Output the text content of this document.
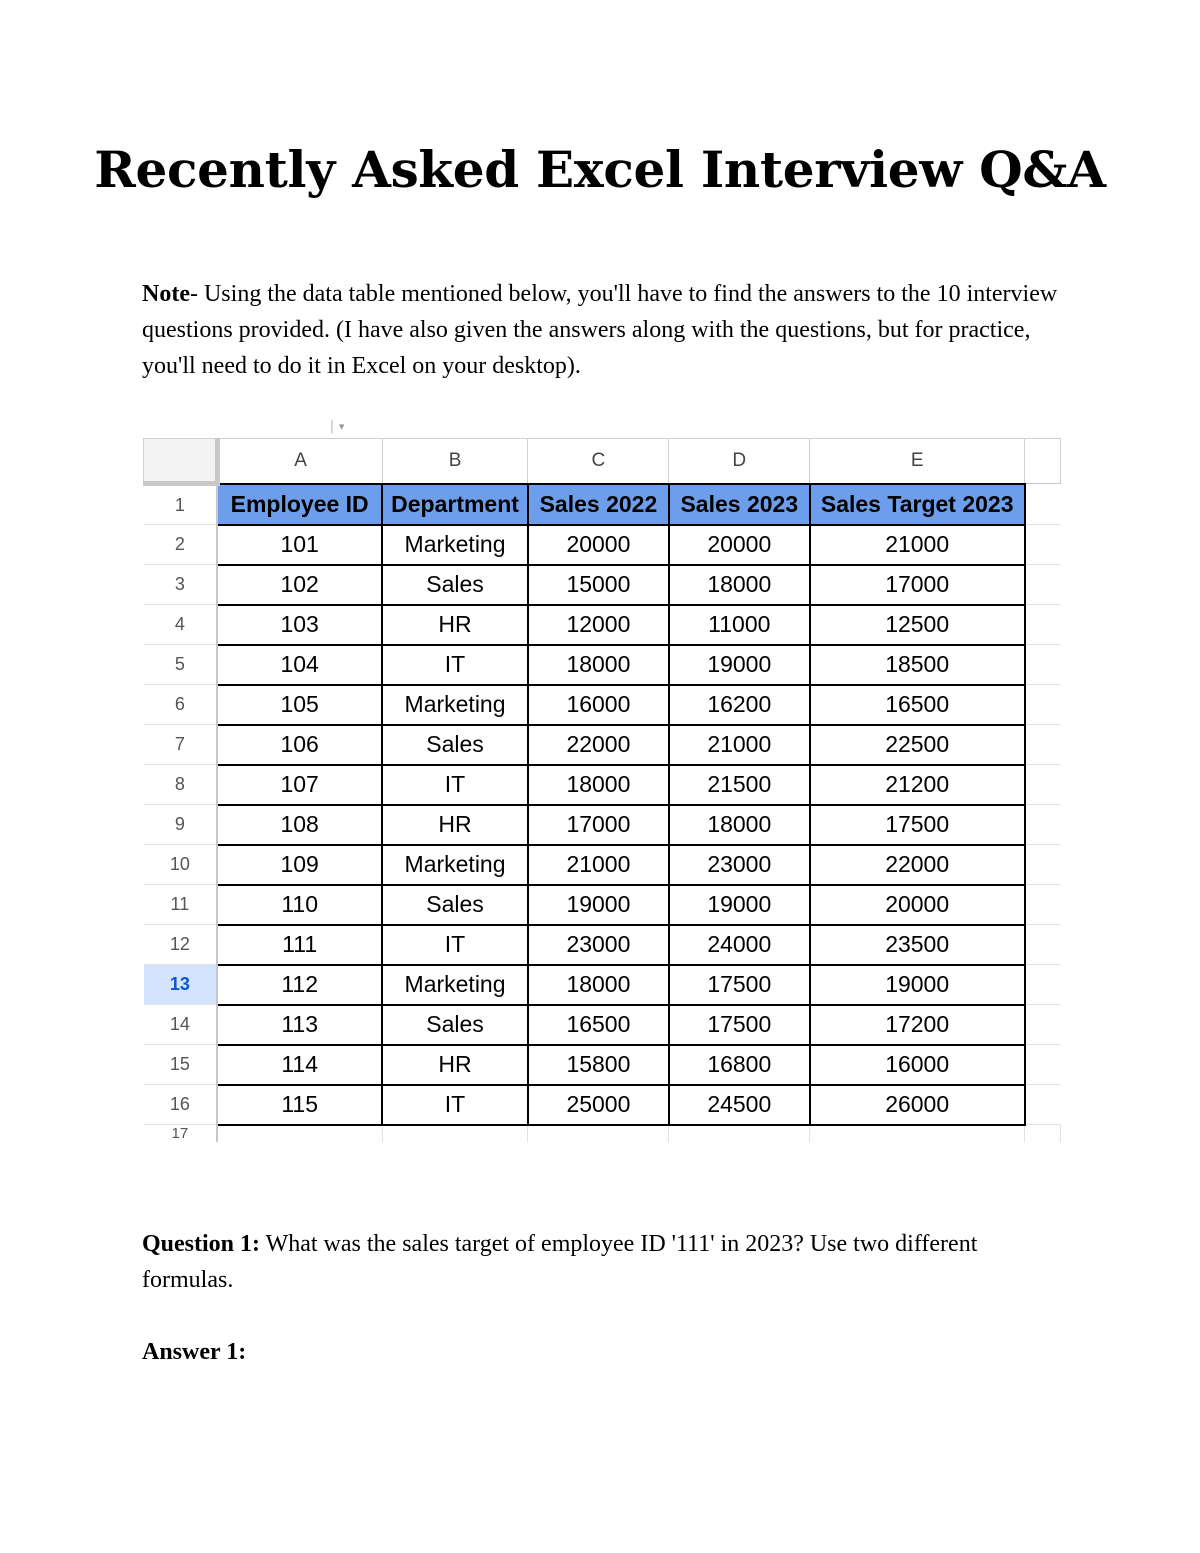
Recently Asked Excel Interview Q&A

Note- Using the data table mentioned below, you'll have to find the answers to the 10 interview questions provided. (I have also given the answers along with the questions, but for practice, you'll need to do it in Excel on your desktop).

│ ▾
	A	B	C	D	E	
1	Employee ID	Department	Sales 2022	Sales 2023	Sales Target 2023	
2	101	Marketing	20000	20000	21000	
3	102	Sales	15000	18000	17000	
4	103	HR	12000	11000	12500	
5	104	IT	18000	19000	18500	
6	105	Marketing	16000	16200	16500	
7	106	Sales	22000	21000	22500	
8	107	IT	18000	21500	21200	
9	108	HR	17000	18000	17500	
10	109	Marketing	21000	23000	22000	
11	110	Sales	19000	19000	20000	
12	111	IT	23000	24000	23500	
13	112	Marketing	18000	17500	19000	
14	113	Sales	16500	17500	17200	
15	114	HR	15800	16800	16000	
16	115	IT	25000	24500	26000	
17						

Question 1: What was the sales target of employee ID '111' in 2023? Use two different formulas.

Answer 1:
